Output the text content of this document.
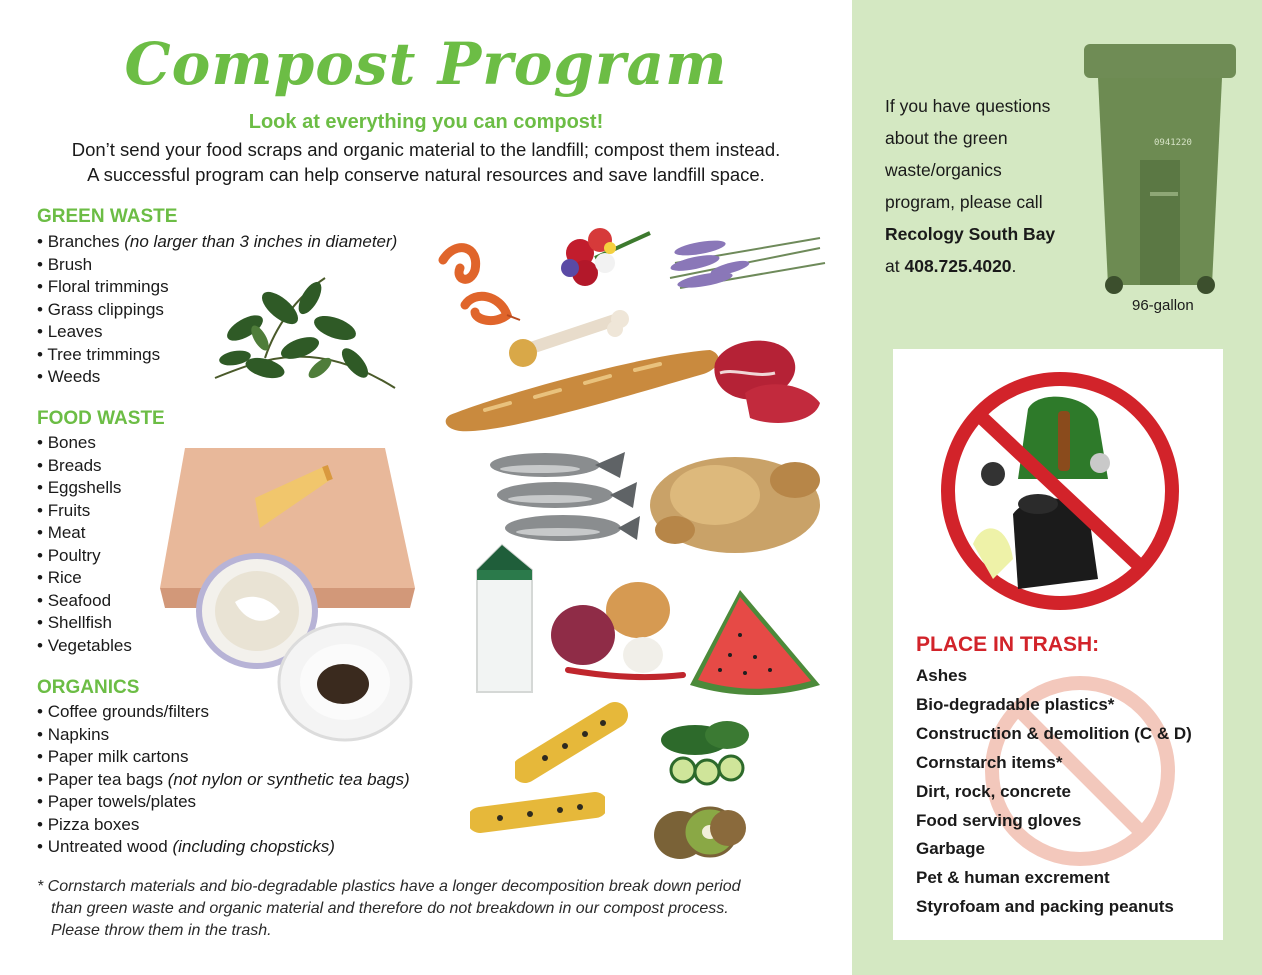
Compost Program
Look at everything you can compost!
Don’t send your food scraps and organic material to the landfill; compost them instead.
A successful program can help conserve natural resources and save landfill space.
GREEN WASTE
• Branches (no larger than 3 inches in diameter)
• Brush
• Floral trimmings
• Grass clippings
• Leaves
• Tree trimmings
• Weeds
FOOD WASTE
• Bones
• Breads
• Eggshells
• Fruits
• Meat
• Poultry
• Rice
• Seafood
• Shellfish
• Vegetables
ORGANICS
• Coffee grounds/filters
• Napkins
• Paper milk cartons
• Paper tea bags (not nylon or synthetic tea bags)
• Paper towels/plates
• Pizza boxes
• Untreated wood (including chopsticks)
* Cornstarch materials and bio-degradable plastics have a longer decomposition break down period
than green waste and organic material and therefore do not breakdown in our compost process.
Please throw them in the trash.
If you have questions
about the green
waste/organics
program, please call
Recology South Bay
at 408.725.4020.
0941220
96-gallon
PLACE IN TRASH:
Ashes
Bio-degradable plastics*
Construction & demolition (C & D)
Cornstarch items*
Dirt, rock, concrete
Food serving gloves
Garbage
Pet & human excrement
Styrofoam and packing peanuts
